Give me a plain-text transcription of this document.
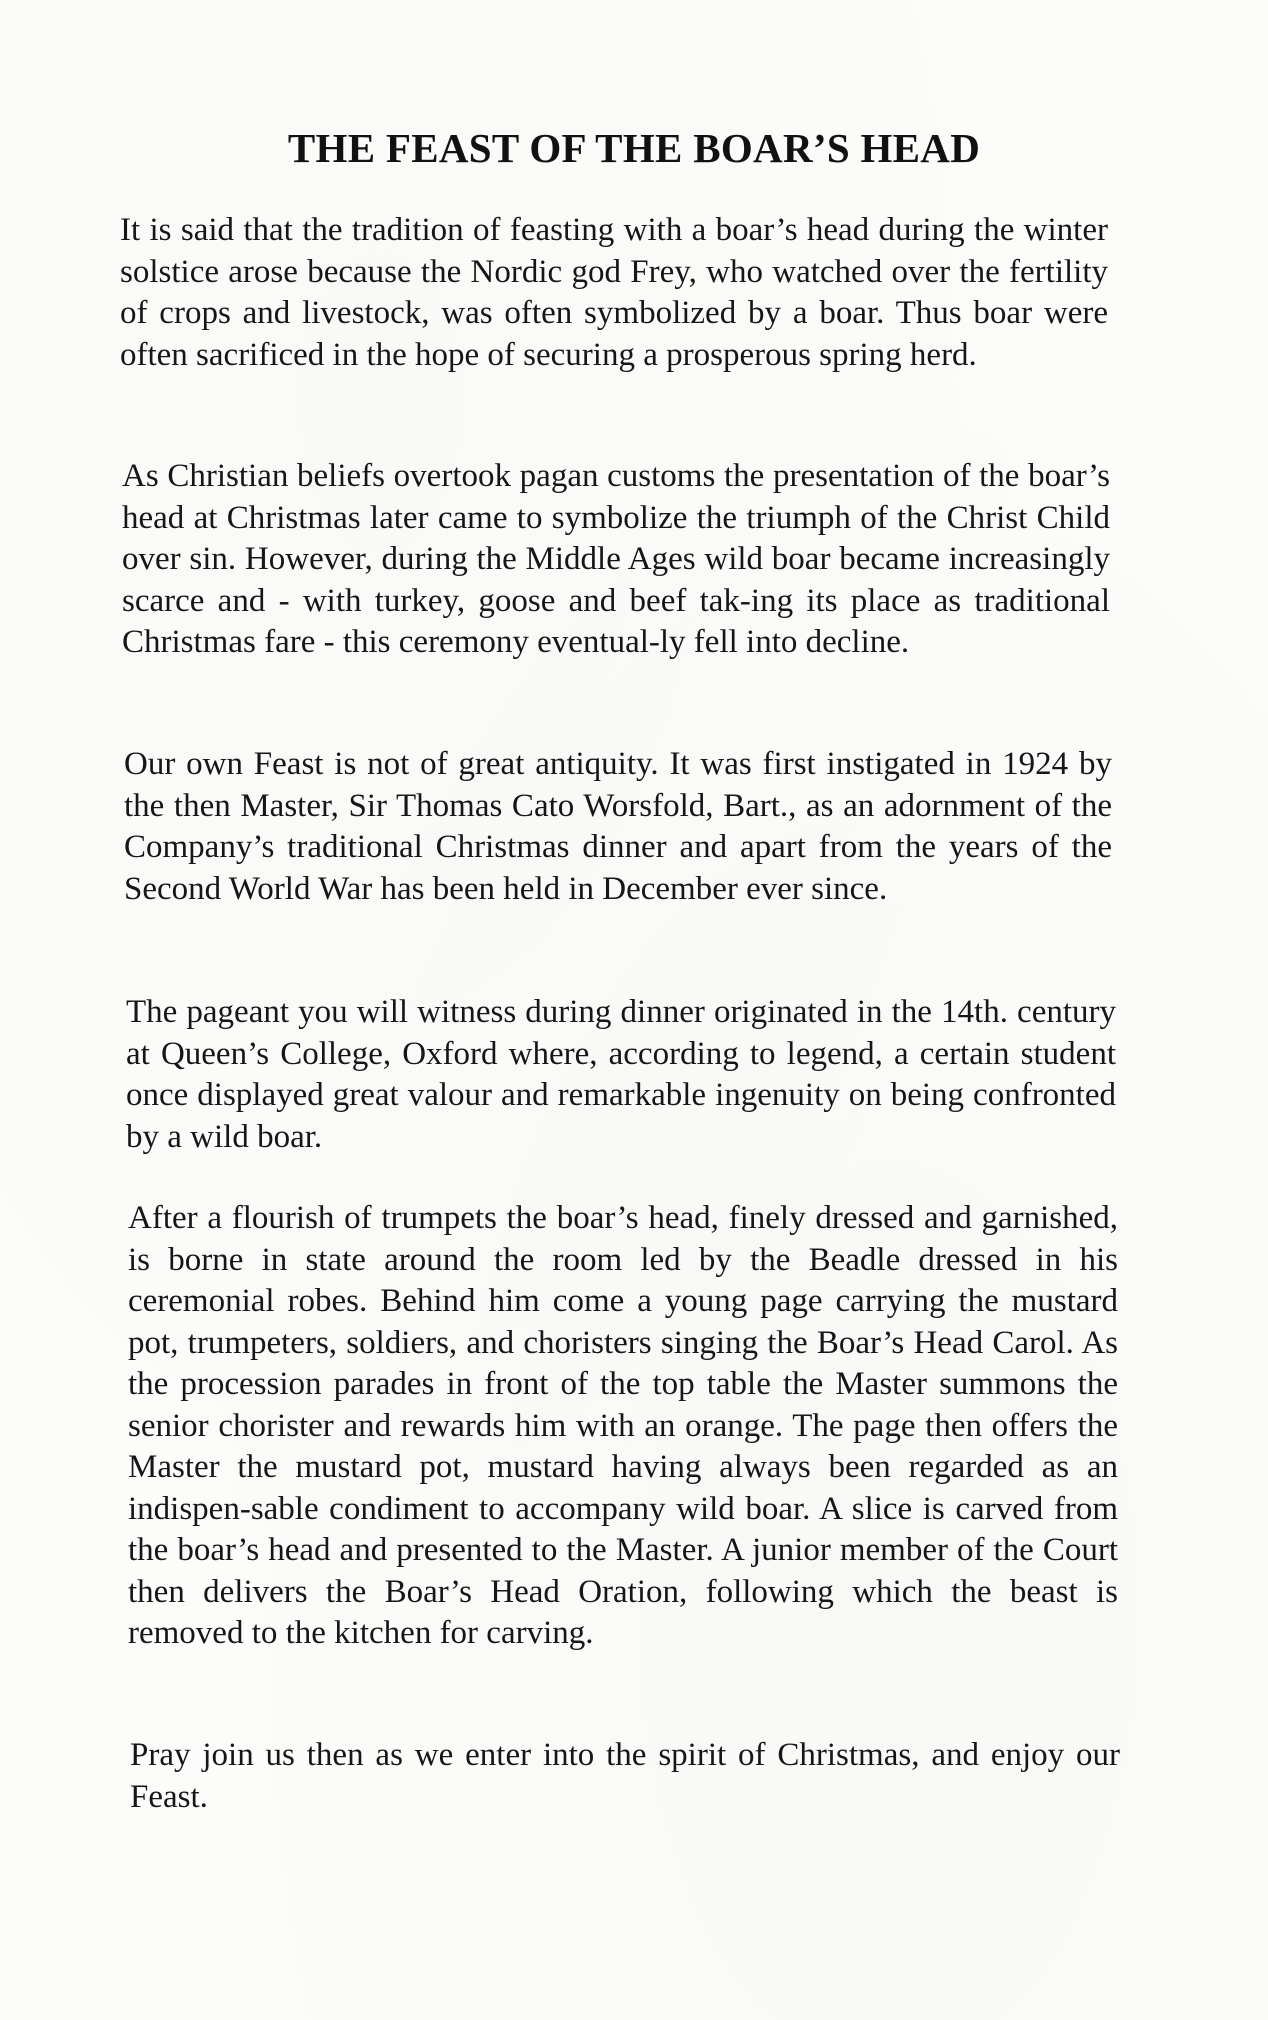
THE FEAST OF THE BOAR’S HEAD

It is said that the tradition of feasting with a boar’s head during the winter solstice arose because the Nordic god Frey, who watched over the fertility of crops and livestock, was often symbolized by a boar. Thus boar were often sacrificed in the hope of securing a prosperous spring herd.

As Christian beliefs overtook pagan customs the presentation of the boar’s head at Christmas later came to symbolize the triumph of the Christ Child over sin. However, during the Middle Ages wild boar became increasingly scarce and - with turkey, goose and beef tak-ing its place as traditional Christmas fare - this ceremony eventual-ly fell into decline.

Our own Feast is not of great antiquity. It was first instigated in 1924 by the then Master, Sir Thomas Cato Worsfold, Bart., as an adornment of the Company’s traditional Christmas dinner and apart from the years of the Second World War has been held in December ever since.

The pageant you will witness during dinner originated in the 14th. century at Queen’s College, Oxford where, according to legend, a certain student once displayed great valour and remarkable ingenuity on being confronted by a wild boar.

After a flourish of trumpets the boar’s head, finely dressed and garnished, is borne in state around the room led by the Beadle dressed in his ceremonial robes. Behind him come a young page carrying the mustard pot, trumpeters, soldiers, and choristers singing the Boar’s Head Carol. As the procession parades in front of the top table the Master summons the senior chorister and rewards him with an orange. The page then offers the Master the mustard pot, mustard having always been regarded as an indispen-sable condiment to accompany wild boar. A slice is carved from the boar’s head and presented to the Master. A junior member of the Court then delivers the Boar’s Head Oration, following which the beast is removed to the kitchen for carving.

Pray join us then as we enter into the spirit of Christmas, and enjoy our Feast.
